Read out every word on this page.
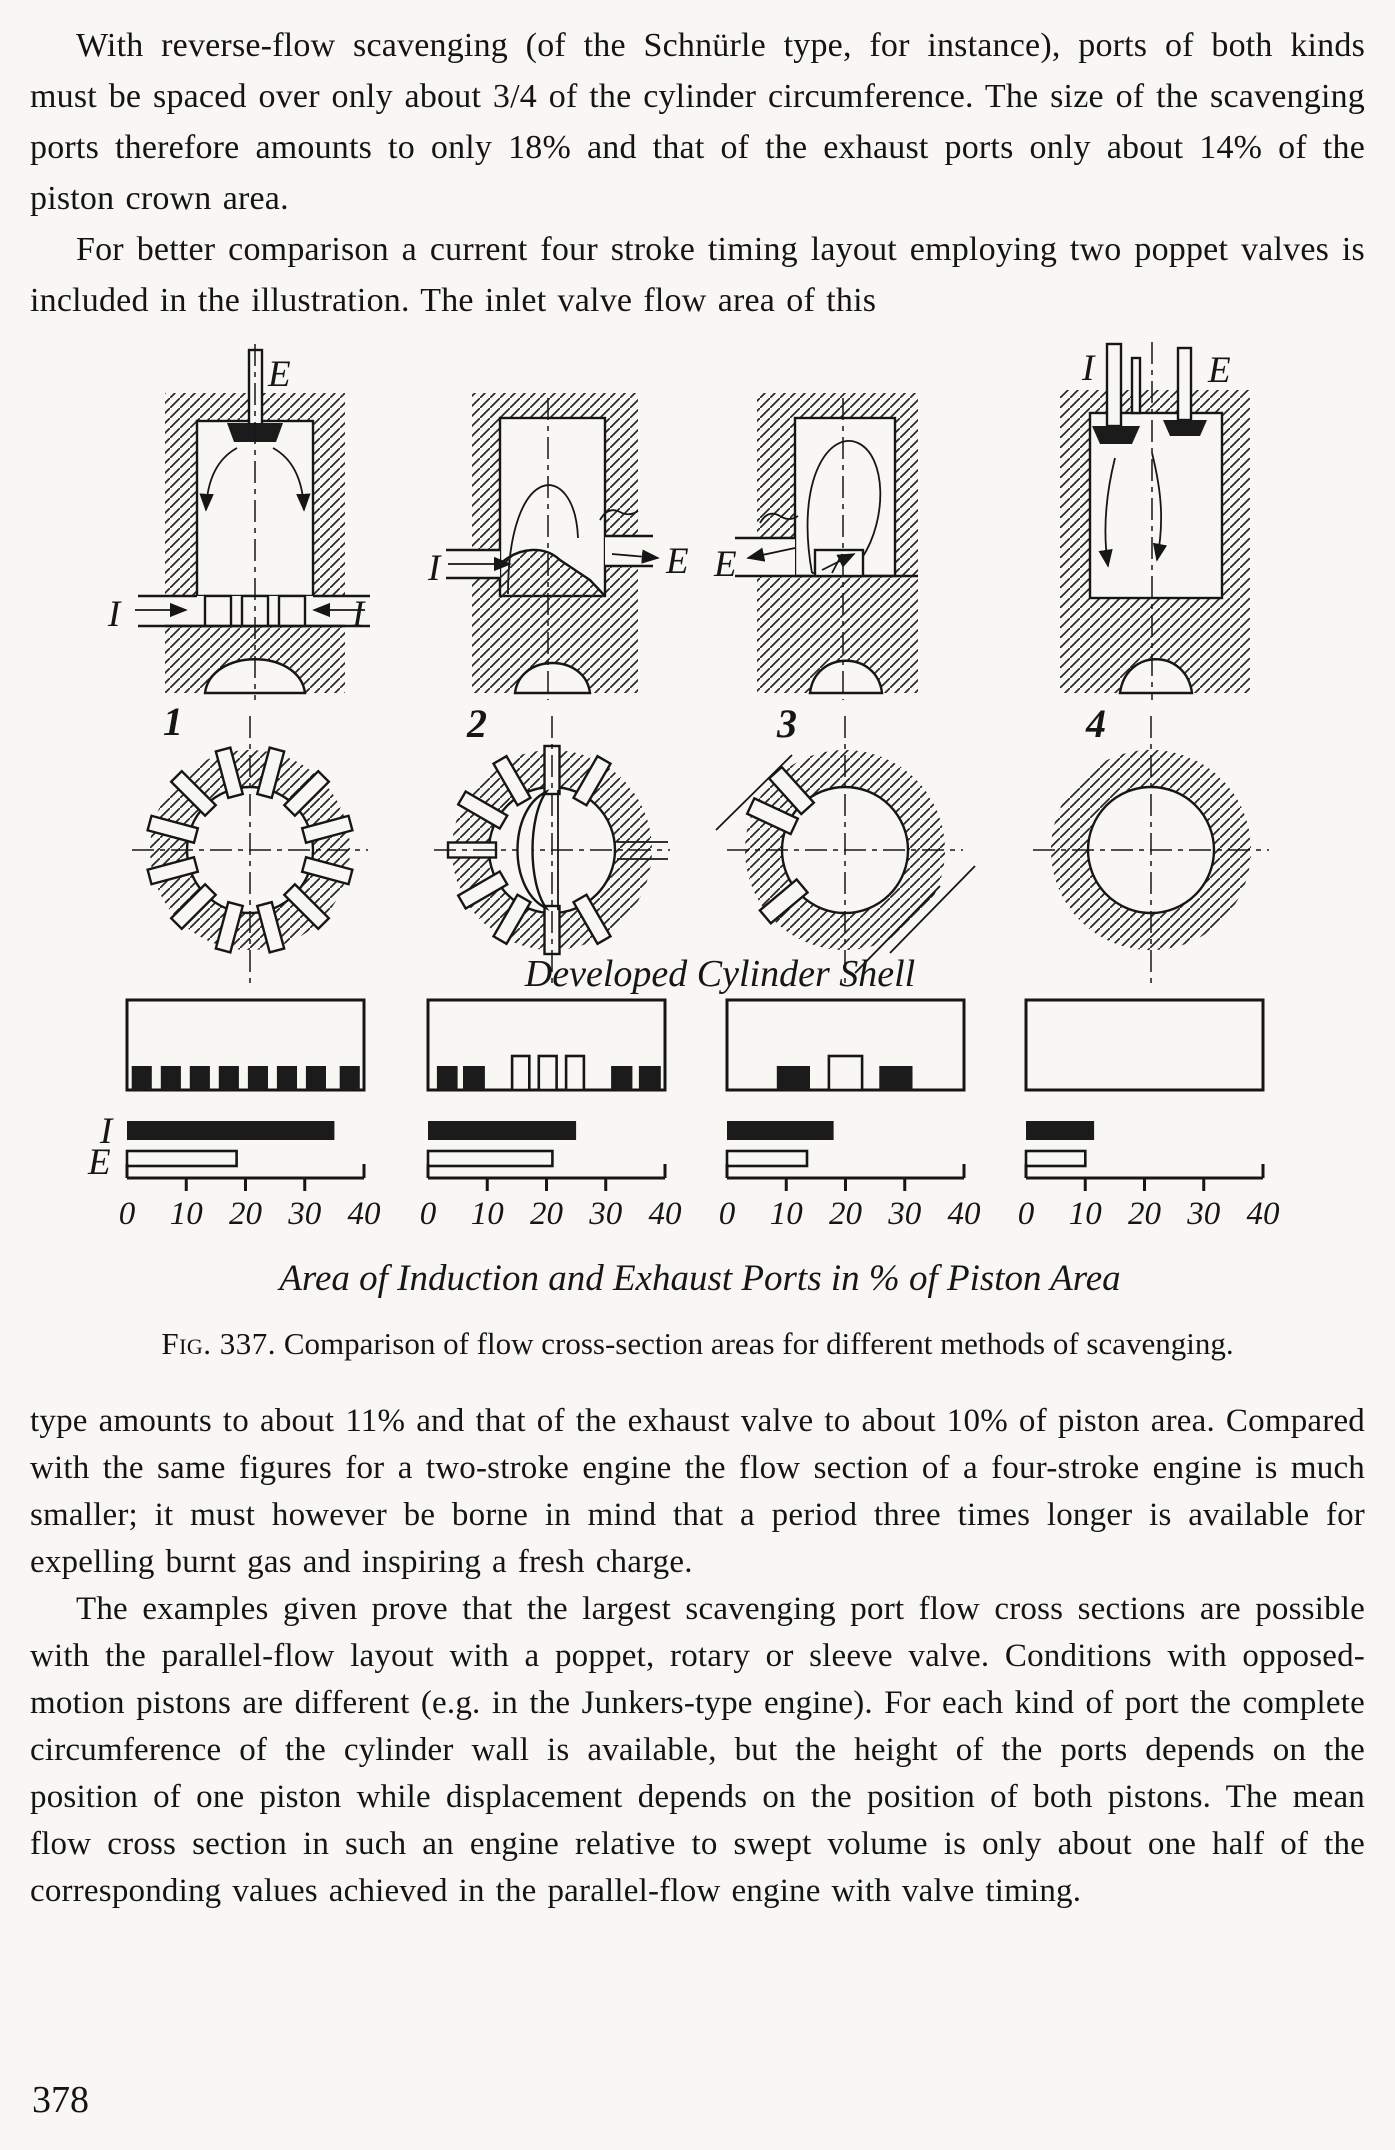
With reverse-flow scavenging (of the Schnürle type, for instance), ports of both kinds must be spaced over only about 3/4 of the cylinder circumference. The size of the scavenging ports therefore amounts to only 18% and that of the exhaust ports only about 14% of the piston crown area.

For better comparison a current four stroke timing layout employing two poppet valves is included in the illustration. The inlet valve flow area of this

E
I	I
I	E E
I	E
1	2	3	4
Developed Cylinder Shell
0 10 20 30 40 0 10 20 30 40 0 10 20 30 40 0 10 20 30 40
I
E
Area of Induction and Exhaust Ports in % of Piston Area
Fig. 337. Comparison of flow cross-section areas for different methods of scavenging.

type amounts to about 11% and that of the exhaust valve to about 10% of piston area. Compared with the same figures for a two-stroke engine the flow section of a four-stroke engine is much smaller; it must however be borne in mind that a period three times longer is available for expelling burnt gas and inspiring a fresh charge.

The examples given prove that the largest scavenging port flow cross sections are possible with the parallel-flow layout with a poppet, rotary or sleeve valve. Conditions with opposed-motion pistons are different (e.g. in the Junkers-type engine). For each kind of port the complete circumference of the cylinder wall is available, but the height of the ports depends on the position of one piston while displacement depends on the position of both pistons. The mean flow cross section in such an engine relative to swept volume is only about one half of the corresponding values achieved in the parallel-flow engine with valve timing.

378
